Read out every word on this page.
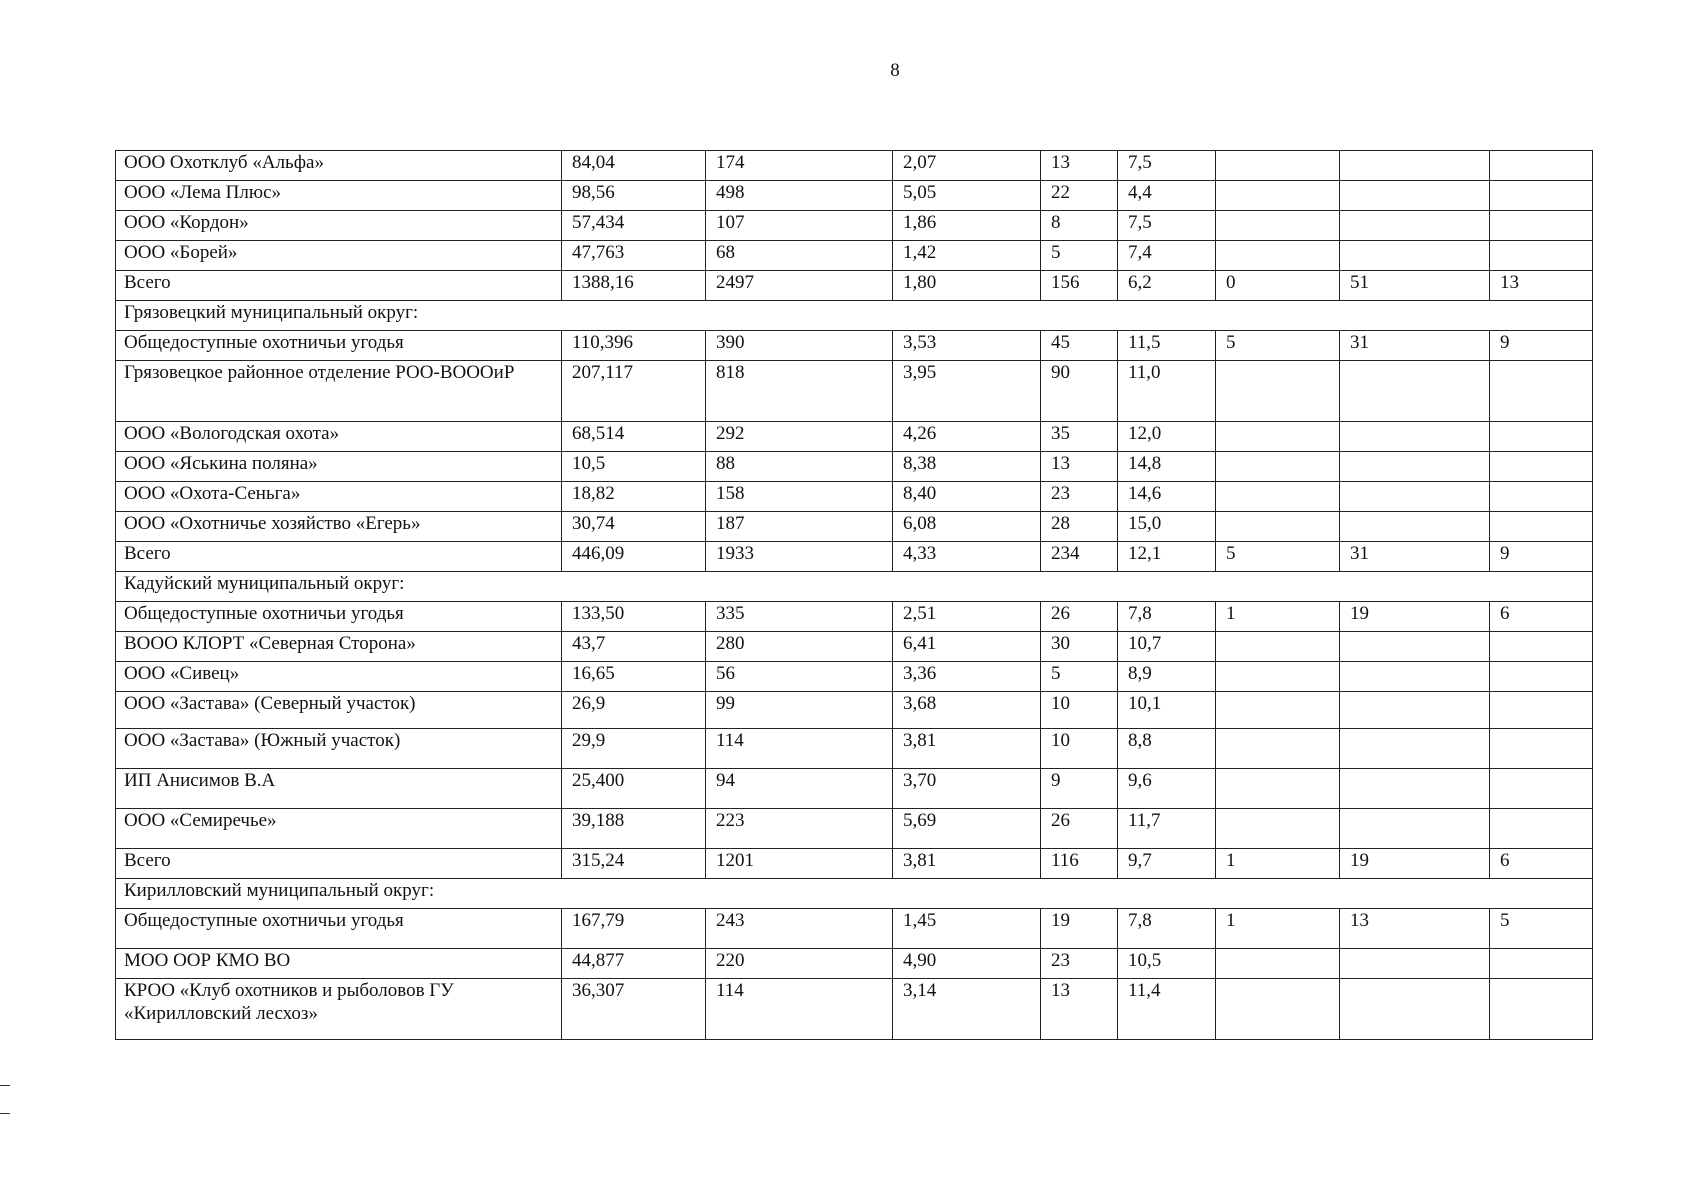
8
ООО Охотклуб «Альфа»	84,04	174	2,07	13	7,5			
ООО «Лема Плюс»	98,56	498	5,05	22	4,4			
ООО «Кордон»	57,434	107	1,86	8	7,5			
ООО «Борей»	47,763	68	1,42	5	7,4			
Всего	1388,16	2497	1,80	156	6,2	0	51	13
Грязовецкий муниципальный округ:								
Общедоступные охотничьи угодья	110,396	390	3,53	45	11,5	5	31	9
Грязовецкое районное отделение РОО-ВОООиР	207,117	818	3,95	90	11,0			
ООО «Вологодская охота»	68,514	292	4,26	35	12,0			
ООО «Яськина поляна»	10,5	88	8,38	13	14,8			
ООО «Охота-Сеньга»	18,82	158	8,40	23	14,6			
ООО «Охотничье хозяйство «Егерь»	30,74	187	6,08	28	15,0			
Всего	446,09	1933	4,33	234	12,1	5	31	9
Кадуйский муниципальный округ:								
Общедоступные охотничьи угодья	133,50	335	2,51	26	7,8	1	19	6
ВООО КЛОРТ «Северная Сторона»	43,7	280	6,41	30	10,7			
ООО «Сивец»	16,65	56	3,36	5	8,9			
ООО «Застава» (Северный участок)	26,9	99	3,68	10	10,1			
ООО «Застава» (Южный участок)	29,9	114	3,81	10	8,8			
ИП Анисимов В.А	25,400	94	3,70	9	9,6			
ООО «Семиречье»	39,188	223	5,69	26	11,7			
Всего	315,24	1201	3,81	116	9,7	1	19	6
Кирилловский муниципальный округ:								
Общедоступные охотничьи угодья	167,79	243	1,45	19	7,8	1	13	5
МОО ООР КМО ВО	44,877	220	4,90	23	10,5			
КРОО «Клуб охотников и рыболовов ГУ «Кирилловский лесхоз»	36,307	114	3,14	13	11,4			
